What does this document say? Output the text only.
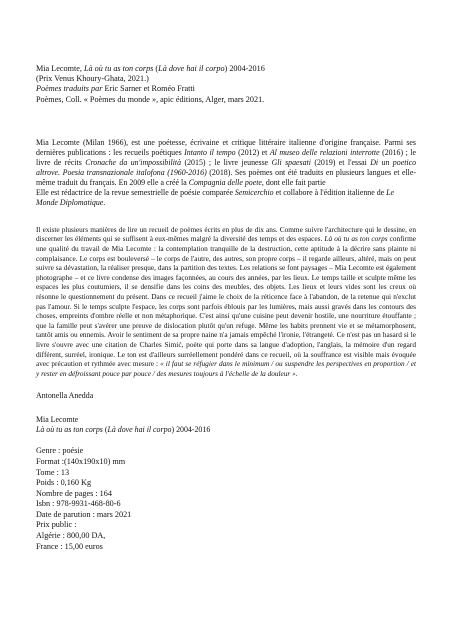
Mia Lecomte, Là où tu as ton corps (Là dove hai il corpo) 2004-2016

(Prix Venus Khoury-Ghata, 2021.)

Poèmes traduits par Eric Sarner et Roméo Fratti

Poèmes, Coll. « Poèmes du monde », apic éditions, Alger, mars 2021.

Mia Lecomte (Milan 1966), est une poétesse, écrivaine et critique littéraire italienne d'origine française. Parmi ses dernières publications : les recueils poétiques Intanto il tempo (2012) et Al museo delle relazioni interrotte (2016) ; le livre de récits Cronache da un'impossibilità (2015) ; le livre jeunesse Gli spaesati (2019) et l'essai Di un poetico altrove. Poesia transnazionale italofona (1960-2016) (2018). Ses poèmes ont été traduits en plusieurs langues et elle-même traduit du français. En 2009 elle a créé la Compagnia delle poete, dont elle fait partie

Elle est rédactrice de la revue semestrielle de poésie comparée Semicerchio et collabore à l'édition italienne de Le Monde Diplomatique.

Il existe plusieurs manières de lire un recueil de poèmes écrits en plus de dix ans. Comme suivre l'architecture qui le dessine, en discerner les éléments qui se suffisent à eux-mêmes malgré la diversité des temps et des espaces. Là où tu as ton corps confirme une qualité du travail de Mia Lecomte : la contemplation tranquille de la destruction, cette aptitude à la décrire sans plainte ni complaisance. Le corps est bouleversé – le corps de l'autre, des autres, son propre corps – il regarde ailleurs, altéré, mais on peut suivre sa dévastation, la réaliser presque, dans la partition des textes. Les relations se font paysages – Mia Lecomte est également photographe – et ce livre condense des images façonnées, au cours des années, par les lieux. Le temps taille et sculpte même les espaces les plus coutumiers, il se densifie dans les coins des meubles, des objets. Les lieux et leurs vides sont les creux où résonne le questionnement du présent. Dans ce recueil j'aime le choix de la réticence face à l'abandon, de la retenue qui n'exclut pas l'amour. Si le temps sculpte l'espace, les corps sont parfois éblouis par les lumières, mais aussi gravés dans les contours des choses, empreints d'ombre réelle et non métaphorique. C'est ainsi qu'une cuisine peut devenir hostile, une nourriture étouffante ; que la famille peut s'avérer une preuve de dislocation plutôt qu'un refuge. Même les habits prennent vie et se métamorphosent, tantôt amis ou ennemis. Avoir le sentiment de sa propre naine n'a jamais empêché l'ironie, l'étrangeté. Ce n'est pas un hasard si le livre s'ouvre avec une citation de Charles Simić, poète qui porte dans sa langue d'adoption, l'anglais, la mémoire d'un regard différent, surréel, ironique. Le ton est d'ailleurs surréellement pondéré dans ce recueil, où la souffrance est visible mais évoquée avec précaution et rythmée avec mesure : « il faut se réfugier dans le minimum / ou suspendre les perspectives en proportion / et y rester en défroissant pouce par pouce / des mesures toujours à l'échelle de la douleur ».

Antonella Anedda

Mia Lecomte

Là où tu as ton corps (Là dove hai il corpo) 2004-2016

Genre : poésie

Format :(140x190x10) mm

Tome : 13

Poids : 0,160 Kg

Nombre de pages : 164

Isbn : 978-9931-468-80-6

Date de parution : mars 2021

Prix public :

Algérie : 800,00 DA,

France : 15,00 euros
